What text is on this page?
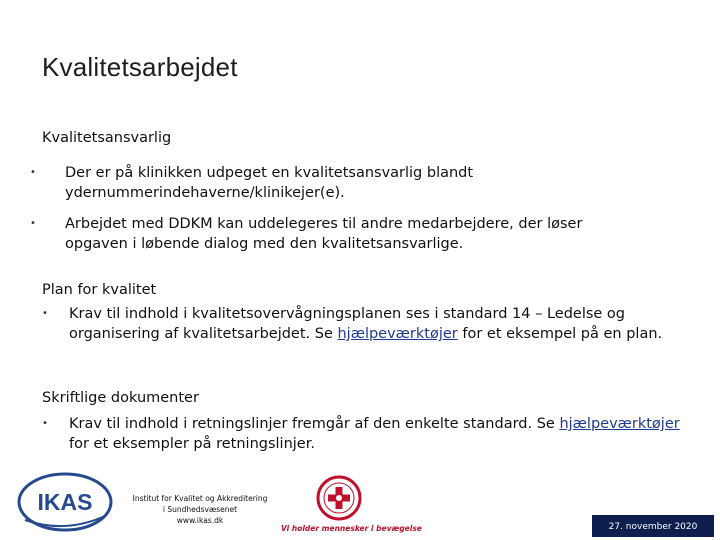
Kvalitetsarbejdet
Kvalitetsansvarlig
• Der er på klinikken udpeget en kvalitetsansvarlig blandt ydernummerindehaverne/klinikejer(e).
• Arbejdet med DDKM kan uddelegeres til andre medarbejdere, der løser opgaven i løbende dialog med den kvalitetsansvarlige.
Plan for kvalitet
• Krav til indhold i kvalitetsovervågningsplanen ses i standard 14 – Ledelse og organisering af kvalitetsarbejdet. Se hjælpeværktøjer for et eksempel på en plan.
Skriftlige dokumenter
• Krav til indhold i retningslinjer fremgår af den enkelte standard. Se hjælpeværktøjer for et eksempler på retningslinjer.
IKAS	Institut for Kvalitet og Akkreditering
i Sundhedsvæsenet
www.ikas.dk
Vi holder mennesker i bevægelse	27. november 2020
